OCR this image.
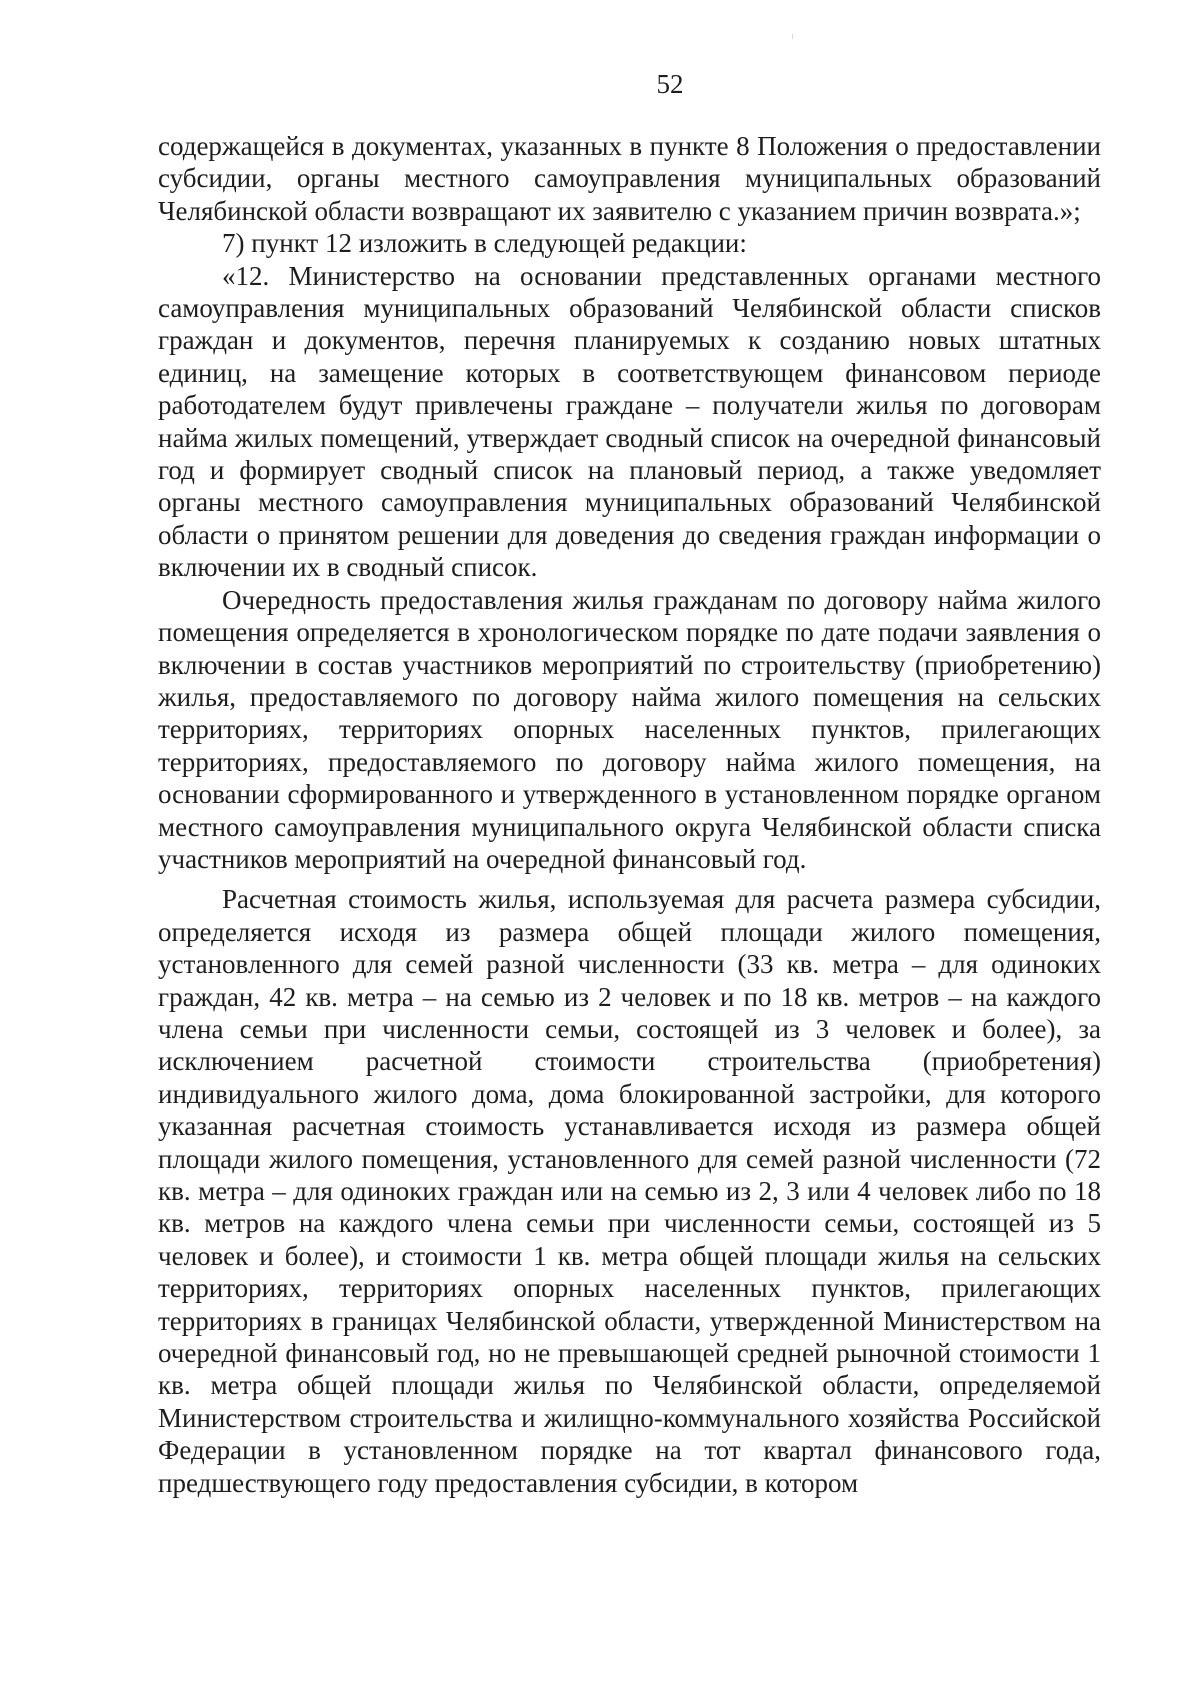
52

содержащейся в документах, указанных в пункте 8 Положения о предоставлении субсидии, органы местного самоуправления муниципальных образований Челябинской области возвращают их заявителю с указанием причин возврата.»;

7) пункт 12 изложить в следующей редакции:

«12. Министерство на основании представленных органами местного самоуправления муниципальных образований Челябинской области списков граждан и документов, перечня планируемых к созданию новых штатных единиц, на замещение которых в соответствующем финансовом периоде работодателем будут привлечены граждане – получатели жилья по договорам найма жилых помещений, утверждает сводный список на очередной финансовый год и формирует сводный список на плановый период, а также уведомляет органы местного самоуправления муниципальных образований Челябинской области о принятом решении для доведения до сведения граждан информации о включении их в сводный список.

Очередность предоставления жилья гражданам по договору найма жилого помещения определяется в хронологическом порядке по дате подачи заявления о включении в состав участников мероприятий по строительству (приобретению) жилья, предоставляемого по договору найма жилого помещения на сельских территориях, территориях опорных населенных пунктов, прилегающих территориях, предоставляемого по договору найма жилого помещения, на основании сформированного и утвержденного в установленном порядке органом местного самоуправления муниципального округа Челябинской области списка участников мероприятий на очередной финансовый год.

Расчетная стоимость жилья, используемая для расчета размера субсидии, определяется исходя из размера общей площади жилого помещения, установленного для семей разной численности (33 кв. метра – для одиноких граждан, 42 кв. метра – на семью из 2 человек и по 18 кв. метров – на каждого члена семьи при численности семьи, состоящей из 3 человек и более), за исключением расчетной стоимости строительства (приобретения) индивидуального жилого дома, дома блокированной застройки, для которого указанная расчетная стоимость устанавливается исходя из размера общей площади жилого помещения, установленного для семей разной численности (72 кв. метра – для одиноких граждан или на семью из 2, 3 или 4 человек либо по 18 кв. метров на каждого члена семьи при численности семьи, состоящей из 5 человек и более), и стоимости 1 кв. метра общей площади жилья на сельских территориях, территориях опорных населенных пунктов, прилегающих территориях в границах Челябинской области, утвержденной Министерством на очередной финансовый год, но не превышающей средней рыночной стоимости 1 кв. метра общей площади жилья по Челябинской области, определяемой Министерством строительства и жилищно-коммунального хозяйства Российской Федерации в установленном порядке на тот квартал финансового года, предшествующего году предоставления субсидии, в котором
